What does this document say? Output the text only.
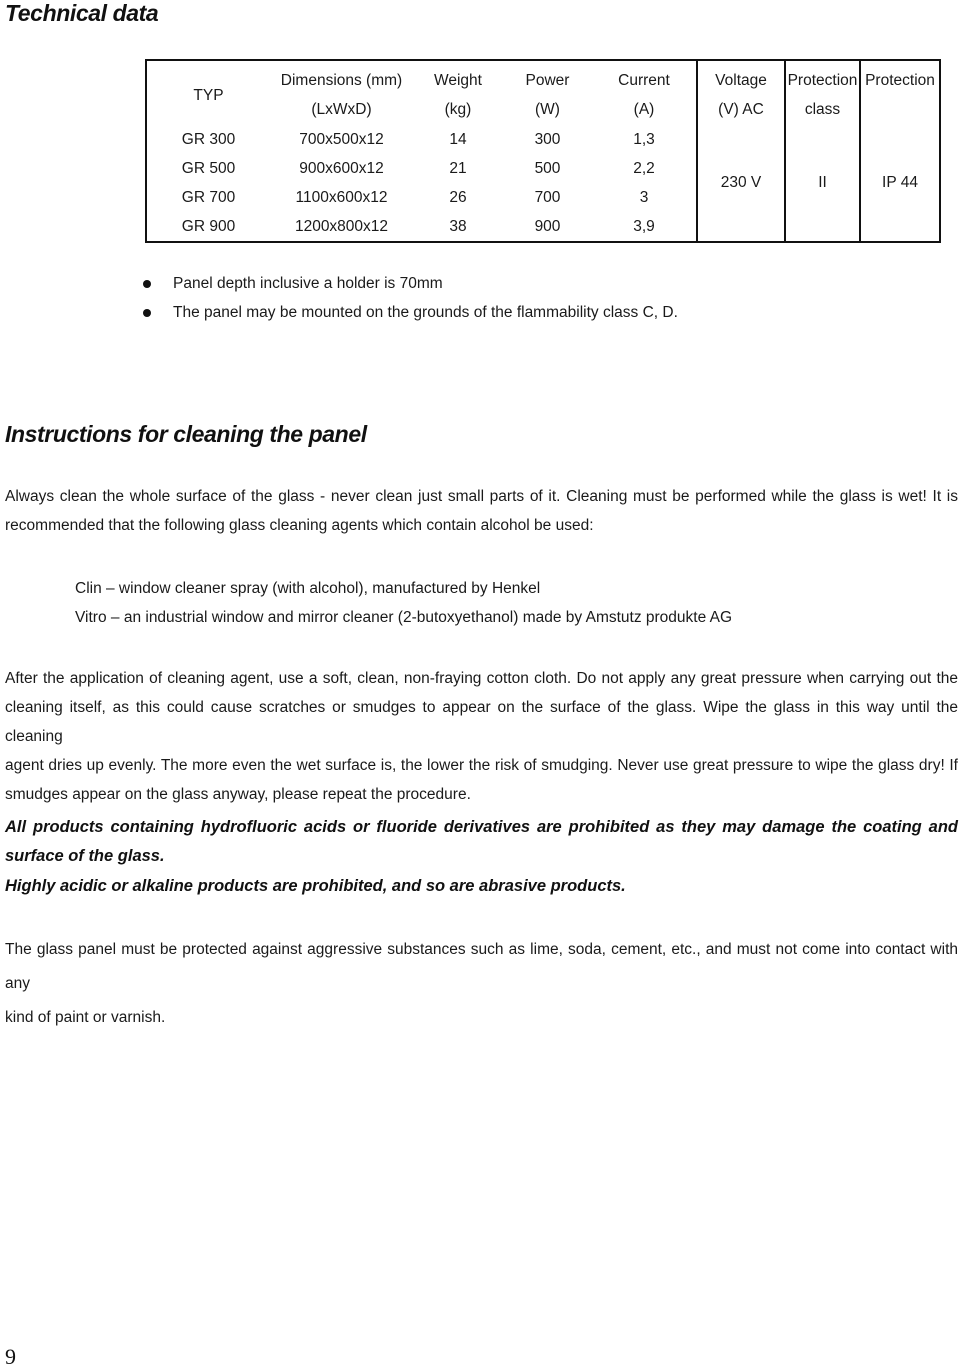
Technical data
TYP	Dimensions (mm)	Weight	Power	Current	Voltage	Protection	Protection
	(LxWxD)	(kg)	(W)	(A)	(V) AC	class	
GR 300	700x500x12	14	300	1,3	230 V	II	IP 44
GR 500	900x600x12	21	500	2,2			
GR 700	1100x600x12	26	700	3			
GR 900	1200x800x12	38	900	3,9			
Panel depth inclusive a holder is 70mm
The panel may be mounted on the grounds of the flammability class C, D.
Instructions for cleaning the panel
Always clean the whole surface of the glass - never clean just small parts of it. Cleaning must be performed while the glass is wet! It is
recommended that the following glass cleaning agents which contain alcohol be used:
Clin – window cleaner spray (with alcohol), manufactured by Henkel
Vitro – an industrial window and mirror cleaner (2-butoxyethanol) made by Amstutz produkte AG
After the application of cleaning agent, use a soft, clean, non-fraying cotton cloth. Do not apply any great pressure when carrying out the
cleaning itself, as this could cause scratches or smudges to appear on the surface of the glass. Wipe the glass in this way until the cleaning
agent dries up evenly. The more even the wet surface is, the lower the risk of smudging. Never use great pressure to wipe the glass dry! If
smudges appear on the glass anyway, please repeat the procedure.
All products containing hydrofluoric acids or fluoride derivatives are prohibited as they may damage the coating and
surface of the glass.
Highly acidic or alkaline products are prohibited, and so are abrasive products.
The glass panel must be protected against aggressive substances such as lime, soda, cement, etc., and must not come into contact with any
kind of paint or varnish.
9
